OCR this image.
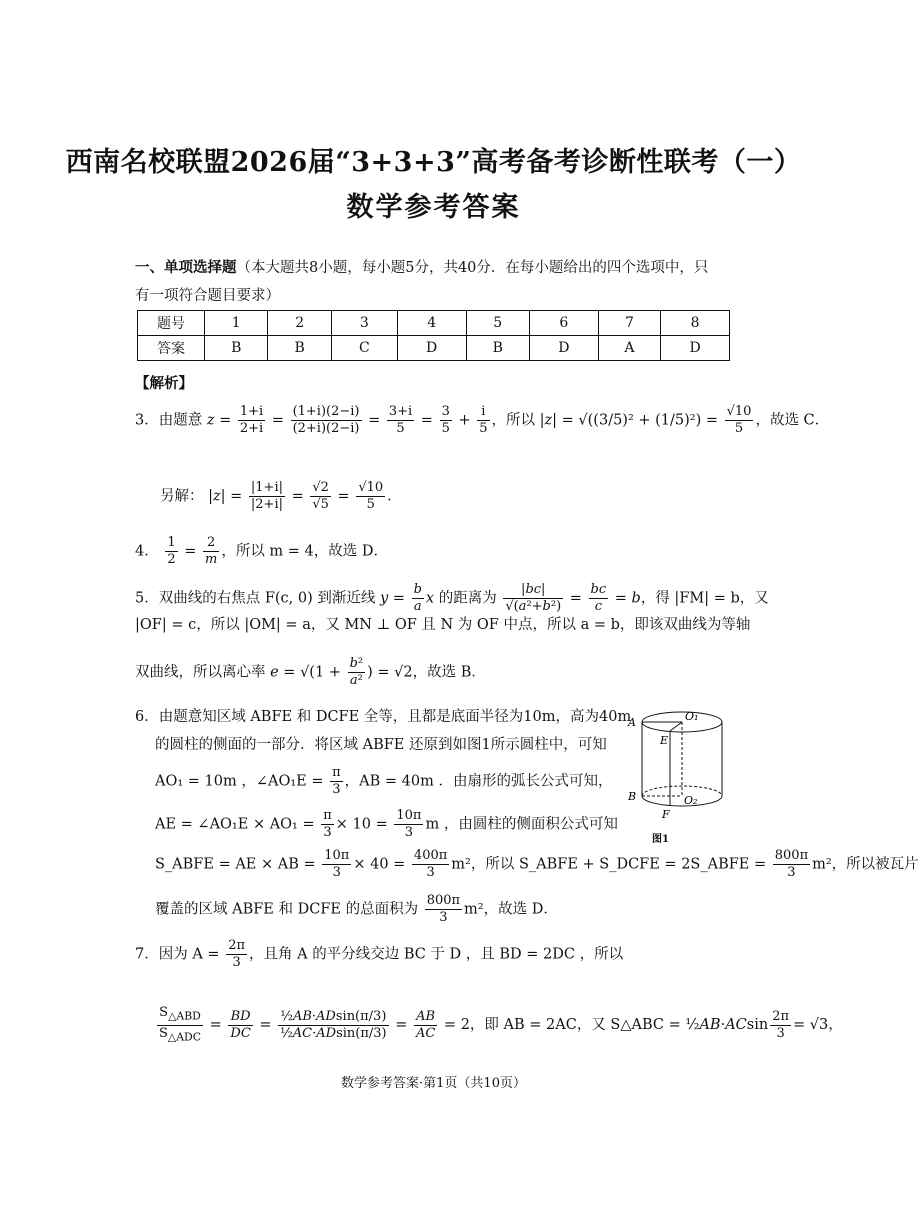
西南名校联盟2026届“3+3+3”高考备考诊断性联考（一）
数学参考答案
一、单项选择题（本大题共8小题，每小题5分，共40分．在每小题给出的四个选项中，只
有一项符合题目要求）
题号	1	2	3	4	5	6	7	8
答案	B	B	C	D	B	D	A	D
【解析】
3．由题意 $z = \frac{1+i}{2+i} = \frac{(1+i)(2-i)}{(2+i)(2-i)} = \frac{3+i}{5} = \frac{3}{5} + \frac{i}{5}$ ，所以 $|z| = √((3/5)^2 + (1/5)^2) = \frac{√10}{5}$ ，故选 C．
另解： $|z| = \frac{|1+i|}{|2+i|} = \frac{√2}{√5} = \frac{√10}{5}$ ．
4． $\frac{1}{2} = \frac{2}{m}$ ，所以 m = 4，故选 D．
5．双曲线的右焦点 F(c, 0) 到渐近线 $y = \frac{b}{a}$ x 的距离为 $\frac{|bc|}{\text{√(a²+b²)}} = \frac{bc}{c} = b$，得 |FM| = b，又
|OF| = c，所以 |OM| = a，又 MN ⊥ OF 且 N 为 OF 中点，所以 a = b，即该双曲线为等轴
双曲线，所以离心率 $e = √(1 + \frac{\text{b²}}{\text{a²}}$ ) = √2，故选 B．
6．由题意知区域 ABFE 和 DCFE 全等，且都是底面半径为10m，高为40m
的圆柱的侧面的一部分．将区域 ABFE 还原到如图1所示圆柱中，可知
AO₁ = 10m ，∠AO₁E = $\frac{\pi}{3}$ ，AB = 40m ．由扇形的弧长公式可知，
AE = ∠AO₁E × $AO_1 = \frac{\pi}{3} \times 10 = \frac{10\pi}{3}$ m ，由圆柱的侧面积公式可知
S_ABFE = AE × AB = $\frac{10\pi}{3} \times 40 = \frac{400\pi}{3} m^2$，所以 S_ABFE + S_DCFE = 2S_ABFE = $\frac{800\pi}{3} m^2$，所以被瓦片
覆盖的区域 ABFE 和 DCFE 的总面积为 $\frac{800\pi}{3} m^2$，故选 D．
A	O₁
E
B	O₂
F
图1
7．因为 $A = \frac{2\pi}{3}$ ，且角 A 的平分线交边 BC 于 D ，且 BD = 2DC ，所以
$\frac{S_{\triangle ABD}}{S_{\triangle ADC}} = \frac{BD}{DC} = \frac{\text{½AB·ADsin(π/3)}}{\text{½AC·ADsin(π/3)}} = \frac{AB}{AC} = 2$，即 AB = 2AC，又 S△ABC = ½AB·ACsin $\frac{2\pi}{3} = √3$，
数学参考答案·第1页（共10页）
